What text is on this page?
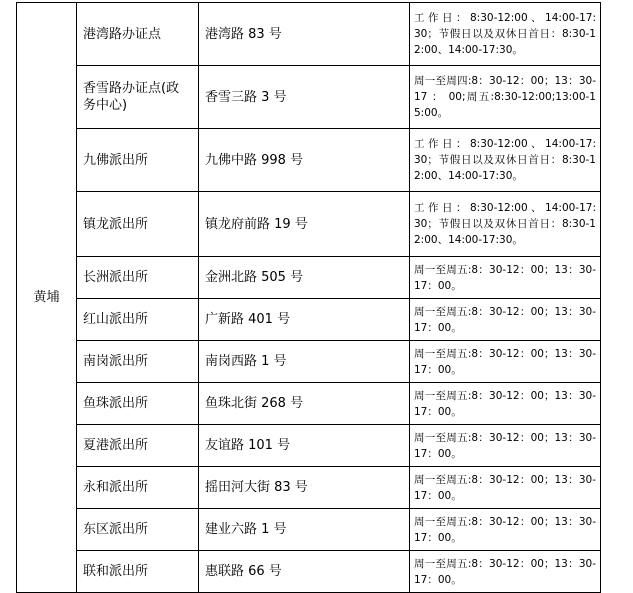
黄埔	港湾路办证点	港湾路 83 号	工 作 日 ： 8:30-12:00 、 14:00-17:30；节假日以及双休日首日：8:30-12:00、14:00-17:30。
	香雪路办证点(政务中心)	香雪三路 3 号	周一至周四:8：30-12：00；13：30-17 ： 00;周五:8:30-12:00;13:00-15:00。
	九佛派出所	九佛中路 998 号	工 作 日 ： 8:30-12:00 、 14:00-17:30；节假日以及双休日首日：8:30-12:00、14:00-17:30。
	镇龙派出所	镇龙府前路 19 号	工 作 日 ： 8:30-12:00 、 14:00-17:30；节假日以及双休日首日：8:30-12:00、14:00-17:30。
	长洲派出所	金洲北路 505 号	周一至周五:8：30-12：00；13：30-17：00。
	红山派出所	广新路 401 号	周一至周五:8：30-12：00；13：30-17：00。
	南岗派出所	南岗西路 1 号	周一至周五:8：30-12：00；13：30-17：00。
	鱼珠派出所	鱼珠北街 268 号	周一至周五:8：30-12：00；13：30-17：00。
	夏港派出所	友谊路 101 号	周一至周五:8：30-12：00；13：30-17：00。
	永和派出所	摇田河大街 83 号	周一至周五:8：30-12：00；13：30-17：00。
	东区派出所	建业六路 1 号	周一至周五:8：30-12：00；13：30-17：00。
	联和派出所	惠联路 66 号	周一至周五:8：30-12：00；13：30-17：00。
